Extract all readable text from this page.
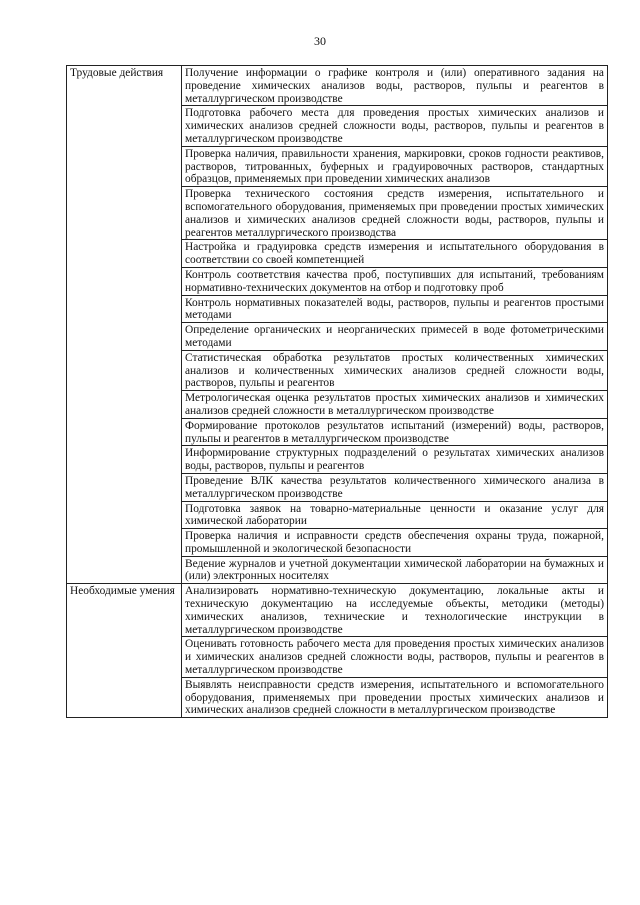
30
Трудовые действия	Получение информации о графике контроля и (или) оперативного задания на проведение химических анализов воды, растворов, пульпы и реагентов в металлургическом производстве
	Подготовка рабочего места для проведения простых химических анализов и химических анализов средней сложности воды, растворов, пульпы и реагентов в металлургическом производстве
	Проверка наличия, правильности хранения, маркировки, сроков годности реактивов, растворов, титрованных, буферных и градуировочных растворов, стандартных образцов, применяемых при проведении химических анализов
	Проверка технического состояния средств измерения, испытательного и вспомогательного оборудования, применяемых при проведении простых химических анализов и химических анализов средней сложности воды, растворов, пульпы и реагентов металлургического производства
	Настройка и градуировка средств измерения и испытательного оборудования в соответствии со своей компетенцией
	Контроль соответствия качества проб, поступивших для испытаний, требованиям нормативно-технических документов на отбор и подготовку проб
	Контроль нормативных показателей воды, растворов, пульпы и реагентов простыми методами
	Определение органических и неорганических примесей в воде фотометрическими методами
	Статистическая обработка результатов простых количественных химических анализов и количественных химических анализов средней сложности воды, растворов, пульпы и реагентов
	Метрологическая оценка результатов простых химических анализов и химических анализов средней сложности в металлургическом производстве
	Формирование протоколов результатов испытаний (измерений) воды, растворов, пульпы и реагентов в металлургическом производстве
	Информирование структурных подразделений о результатах химических анализов воды, растворов, пульпы и реагентов
	Проведение ВЛК качества результатов количественного химического анализа в металлургическом производстве
	Подготовка заявок на товарно-материальные ценности и оказание услуг для химической лаборатории
	Проверка наличия и исправности средств обеспечения охраны труда, пожарной, промышленной и экологической безопасности
	Ведение журналов и учетной документации химической лаборатории на бумажных и (или) электронных носителях
Необходимые умения	Анализировать нормативно-техническую документацию, локальные акты и техническую документацию на исследуемые объекты, методики (методы) химических анализов, технические и технологические инструкции в металлургическом производстве
	Оценивать готовность рабочего места для проведения простых химических анализов и химических анализов средней сложности воды, растворов, пульпы и реагентов в металлургическом производстве
	Выявлять неисправности средств измерения, испытательного и вспомогательного оборудования, применяемых при проведении простых химических анализов и химических анализов средней сложности в металлургическом производстве
